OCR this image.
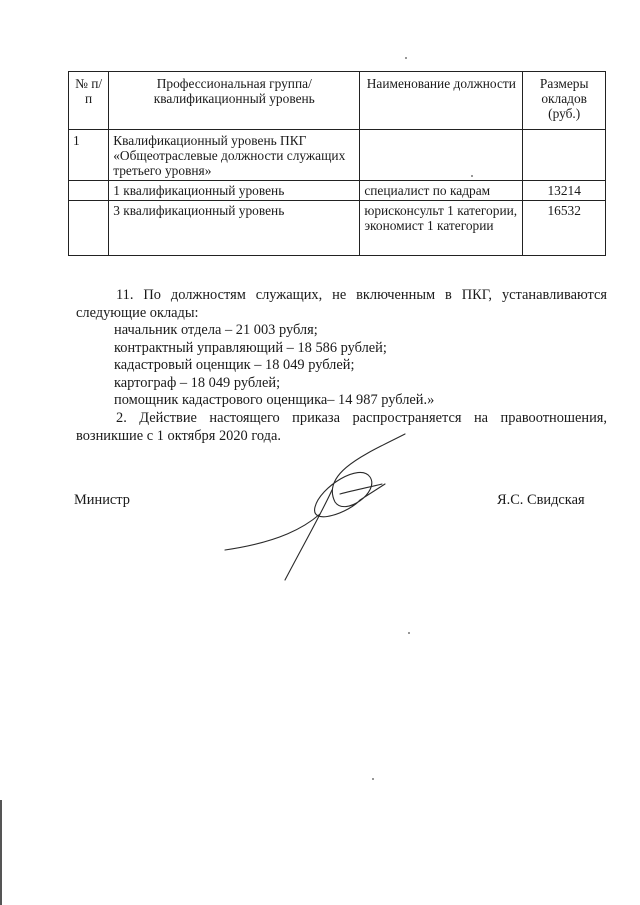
№ п/п	Профессиональная группа/ квалификационный уровень	Наименование должности	Размеры окладов (руб.)
1	Квалификационный уровень ПКГ «Общеотраслевые должности служащих третьего уровня»		
	1 квалификационный уровень	специалист по кадрам	13214
	3 квалификационный уровень	юрисконсульт 1 категории, экономист 1 категории	16532
11. По должностям служащих, не включенным в ПКГ, устанавливаются следующие оклады:
начальник отдела – 21 003 рубля;
контрактный управляющий – 18 586 рублей;
кадастровый оценщик – 18 049 рублей;
картограф – 18 049 рублей;
помощник кадастрового оценщика– 14 987 рублей.»
2. Действие настоящего приказа распространяется на правоотношения, возникшие с 1 октября 2020 года.
Министр	Я.С. Свидская
